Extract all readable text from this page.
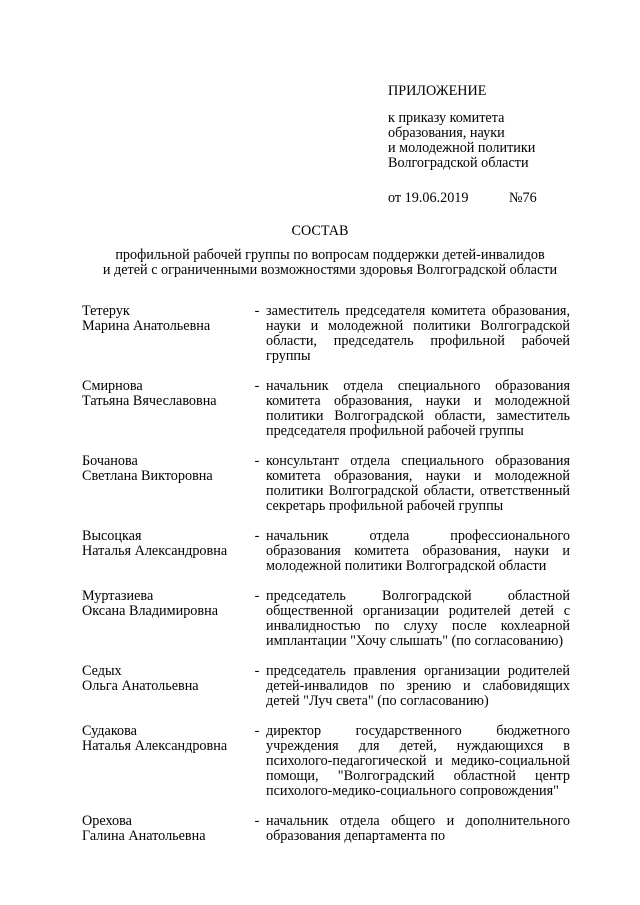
ПРИЛОЖЕНИЕ
к приказу комитета
образования, науки
и молодежной политики
Волгоградской области
от 19.06.2019	№76
СОСТАВ
профильной рабочей группы по вопросам поддержки детей-инвалидов
и детей с ограниченными возможностями здоровья Волгоградской области
Тетерук
Марина Анатольевна
- заместитель председателя комитета образования, науки и молодежной политики Волгоградской области, председатель профильной рабочей группы
Смирнова
Татьяна Вячеславовна
- начальник отдела специального образования комитета образования, науки и молодежной политики Волгоградской области, заместитель председателя профильной рабочей группы
Бочанова
Светлана Викторовна
- консультант отдела специального образования комитета образования, науки и молодежной политики Волгоградской области, ответственный секретарь профильной рабочей группы
Высоцкая
Наталья Александровна
- начальник отдела профессионального образования комитета образования, науки и молодежной политики Волгоградской области
Муртазиева
Оксана Владимировна
- председатель Волгоградской областной общественной организации родителей детей с инвалидностью по слуху после кохлеарной имплантации "Хочу слышать" (по согласованию)
Седых
Ольга Анатольевна
- председатель правления организации родителей детей-инвалидов по зрению и слабовидящих детей "Луч света" (по согласованию)
Судакова
Наталья Александровна
- директор государственного бюджетного учреждения для детей, нуждающихся в психолого-педагогической и медико-социальной помощи, "Волгоградский областной центр психолого-медико-социального сопровождения"
Орехова
Галина Анатольевна
- начальник отдела общего и дополнительного образования департамента по
